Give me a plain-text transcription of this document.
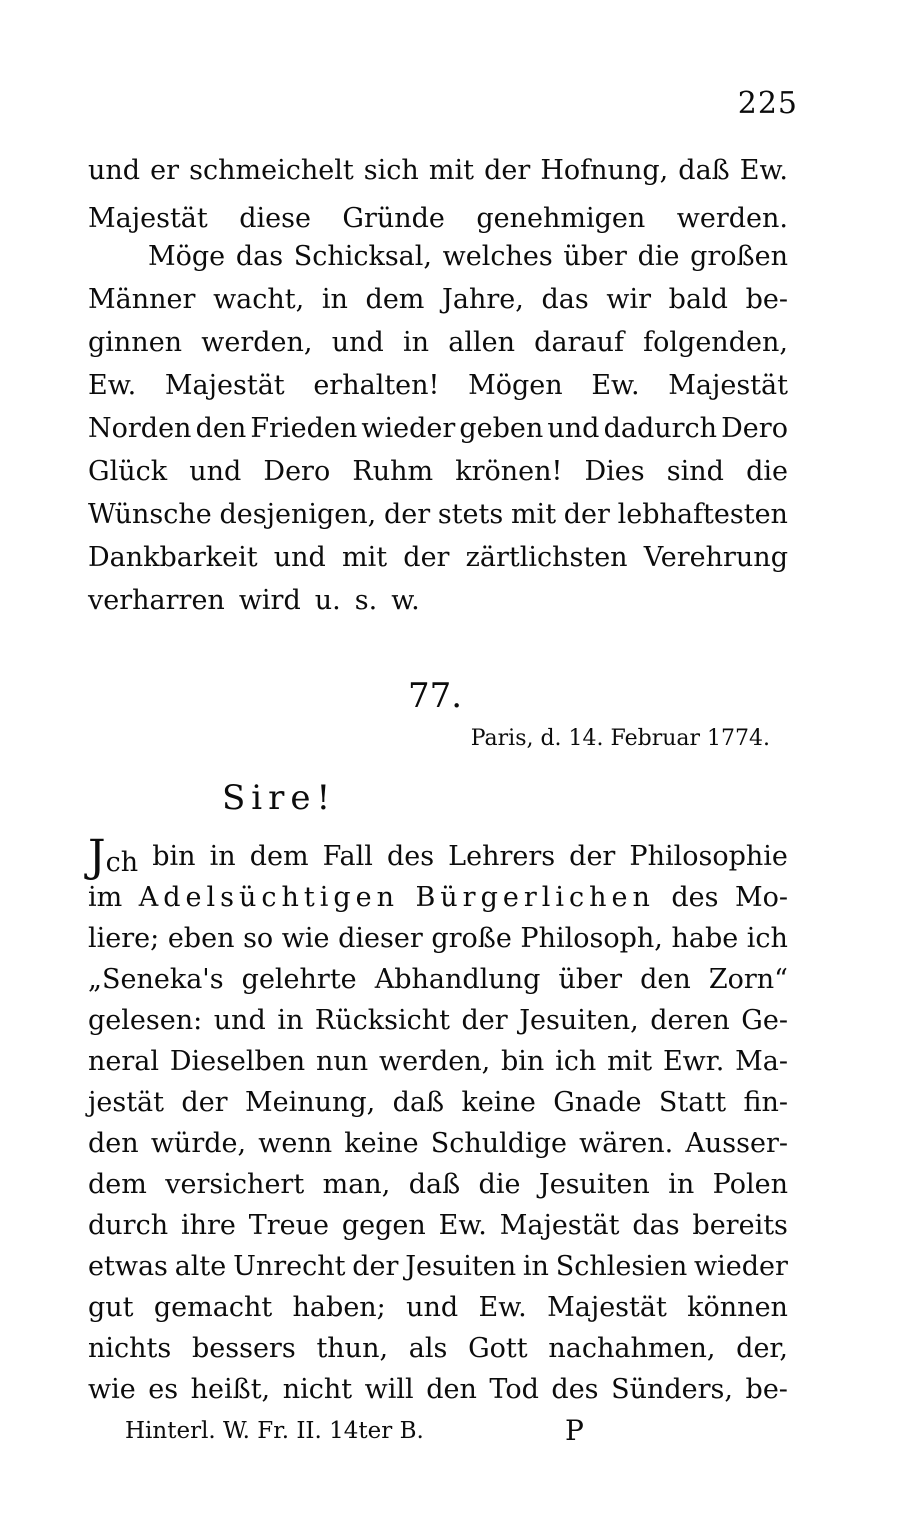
225
und er schmeichelt sich mit der Hofnung, daß Ew.
Majestät diese Gründe genehmigen werden.
Möge das Schicksal, welches über die großen
Männer wacht, in dem Jahre, das wir bald be-
ginnen werden, und in allen darauf folgenden,
Ew. Majestät erhalten! Mögen Ew. Majestät
Norden den Frieden wieder geben und dadurch Dero
Glück und Dero Ruhm krönen! Dies sind die
Wünsche desjenigen, der stets mit der lebhaftesten
Dankbarkeit und mit der zärtlichsten Verehrung
verharren wird u. s. w.
77.
Paris, d. 14. Februar 1774.
Sire!
Jch bin in dem Fall des Lehrers der Philosophie
im Adelsüchtigen Bürgerlichen des Mo-
liere; eben so wie dieser große Philosoph, habe ich
„Seneka's gelehrte Abhandlung über den Zorn“
gelesen: und in Rücksicht der Jesuiten, deren Ge-
neral Dieselben nun werden, bin ich mit Ewr. Ma-
jestät der Meinung, daß keine Gnade Statt fin-
den würde, wenn keine Schuldige wären. Ausser-
dem versichert man, daß die Jesuiten in Polen
durch ihre Treue gegen Ew. Majestät das bereits
etwas alte Unrecht der Jesuiten in Schlesien wieder
gut gemacht haben; und Ew. Majestät können
nichts bessers thun, als Gott nachahmen, der,
wie es heißt, nicht will den Tod des Sünders, be-
Hinterl. W. Fr. II. 14ter B.	P
